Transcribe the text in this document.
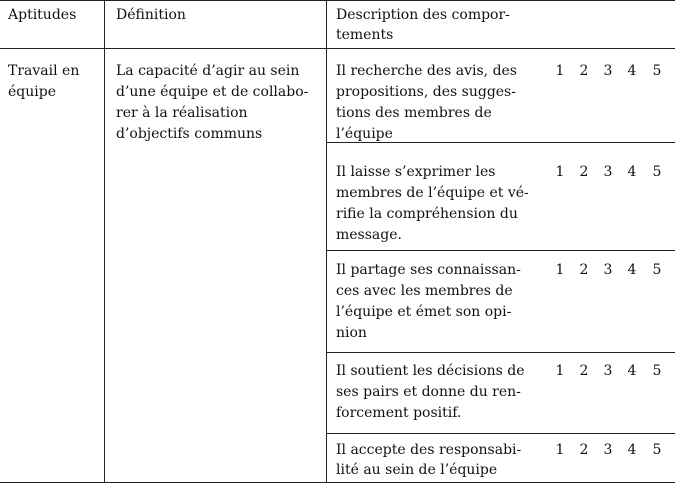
Aptitudes	Définition	Description des compor-
tements
Travail en
équipe
La capacité d’agir au sein
d’une équipe et de collabo-
rer à la réalisation
d’objectifs communs
Il recherche des avis, des
propositions, des sugges-
tions des membres de
l’équipe
1 2 3 4 5
Il laisse s’exprimer les
membres de l’équipe et vé-
rifie la compréhension du
message.
1 2 3 4 5
Il partage ses connaissan-
ces avec les membres de
l’équipe et émet son opi-
nion
1 2 3 4 5
Il soutient les décisions de
ses pairs et donne du ren-
forcement positif.
1 2 3 4 5
Il accepte des responsabi-
lité au sein de l’équipe
1 2 3 4 5
